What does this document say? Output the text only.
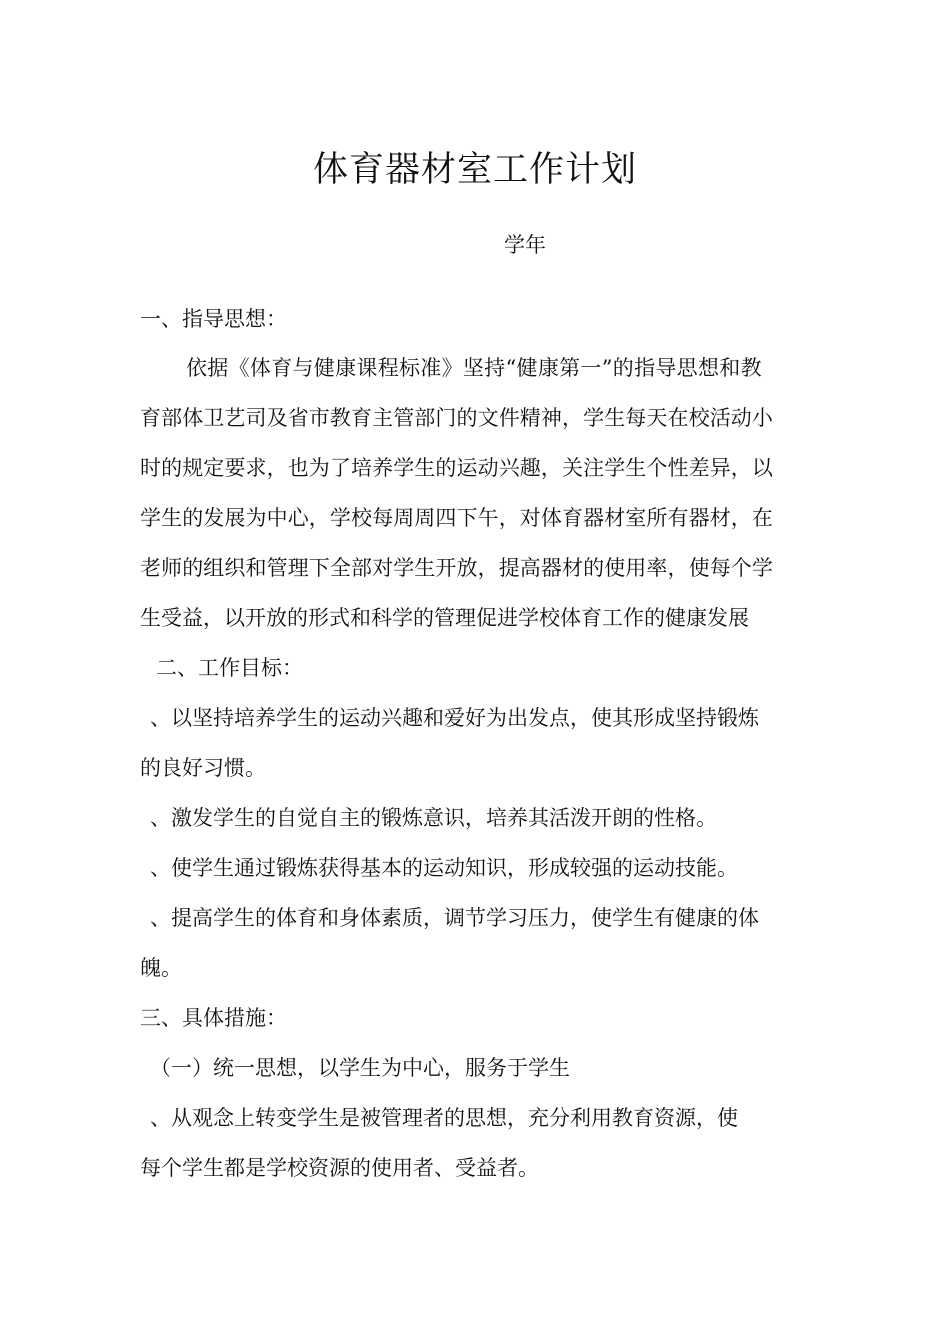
体育器材室工作计划
学年
一、指导思想：
依据《体育与健康课程标准》坚持“健康第一”的指导思想和教
育部体卫艺司及省市教育主管部门的文件精神，学生每天在校活动小
时的规定要求，也为了培养学生的运动兴趣，关注学生个性差异，以
学生的发展为中心，学校每周周四下午，对体育器材室所有器材，在
老师的组织和管理下全部对学生开放，提高器材的使用率，使每个学
生受益，以开放的形式和科学的管理促进学校体育工作的健康发展
二、工作目标：
、以坚持培养学生的运动兴趣和爱好为出发点，使其形成坚持锻炼
的良好习惯。
、激发学生的自觉自主的锻炼意识，培养其活泼开朗的性格。
、使学生通过锻炼获得基本的运动知识，形成较强的运动技能。
、提高学生的体育和身体素质，调节学习压力，使学生有健康的体
魄。
三、具体措施：
（一）统一思想，以学生为中心，服务于学生
、从观念上转变学生是被管理者的思想，充分利用教育资源，使
每个学生都是学校资源的使用者、受益者。
